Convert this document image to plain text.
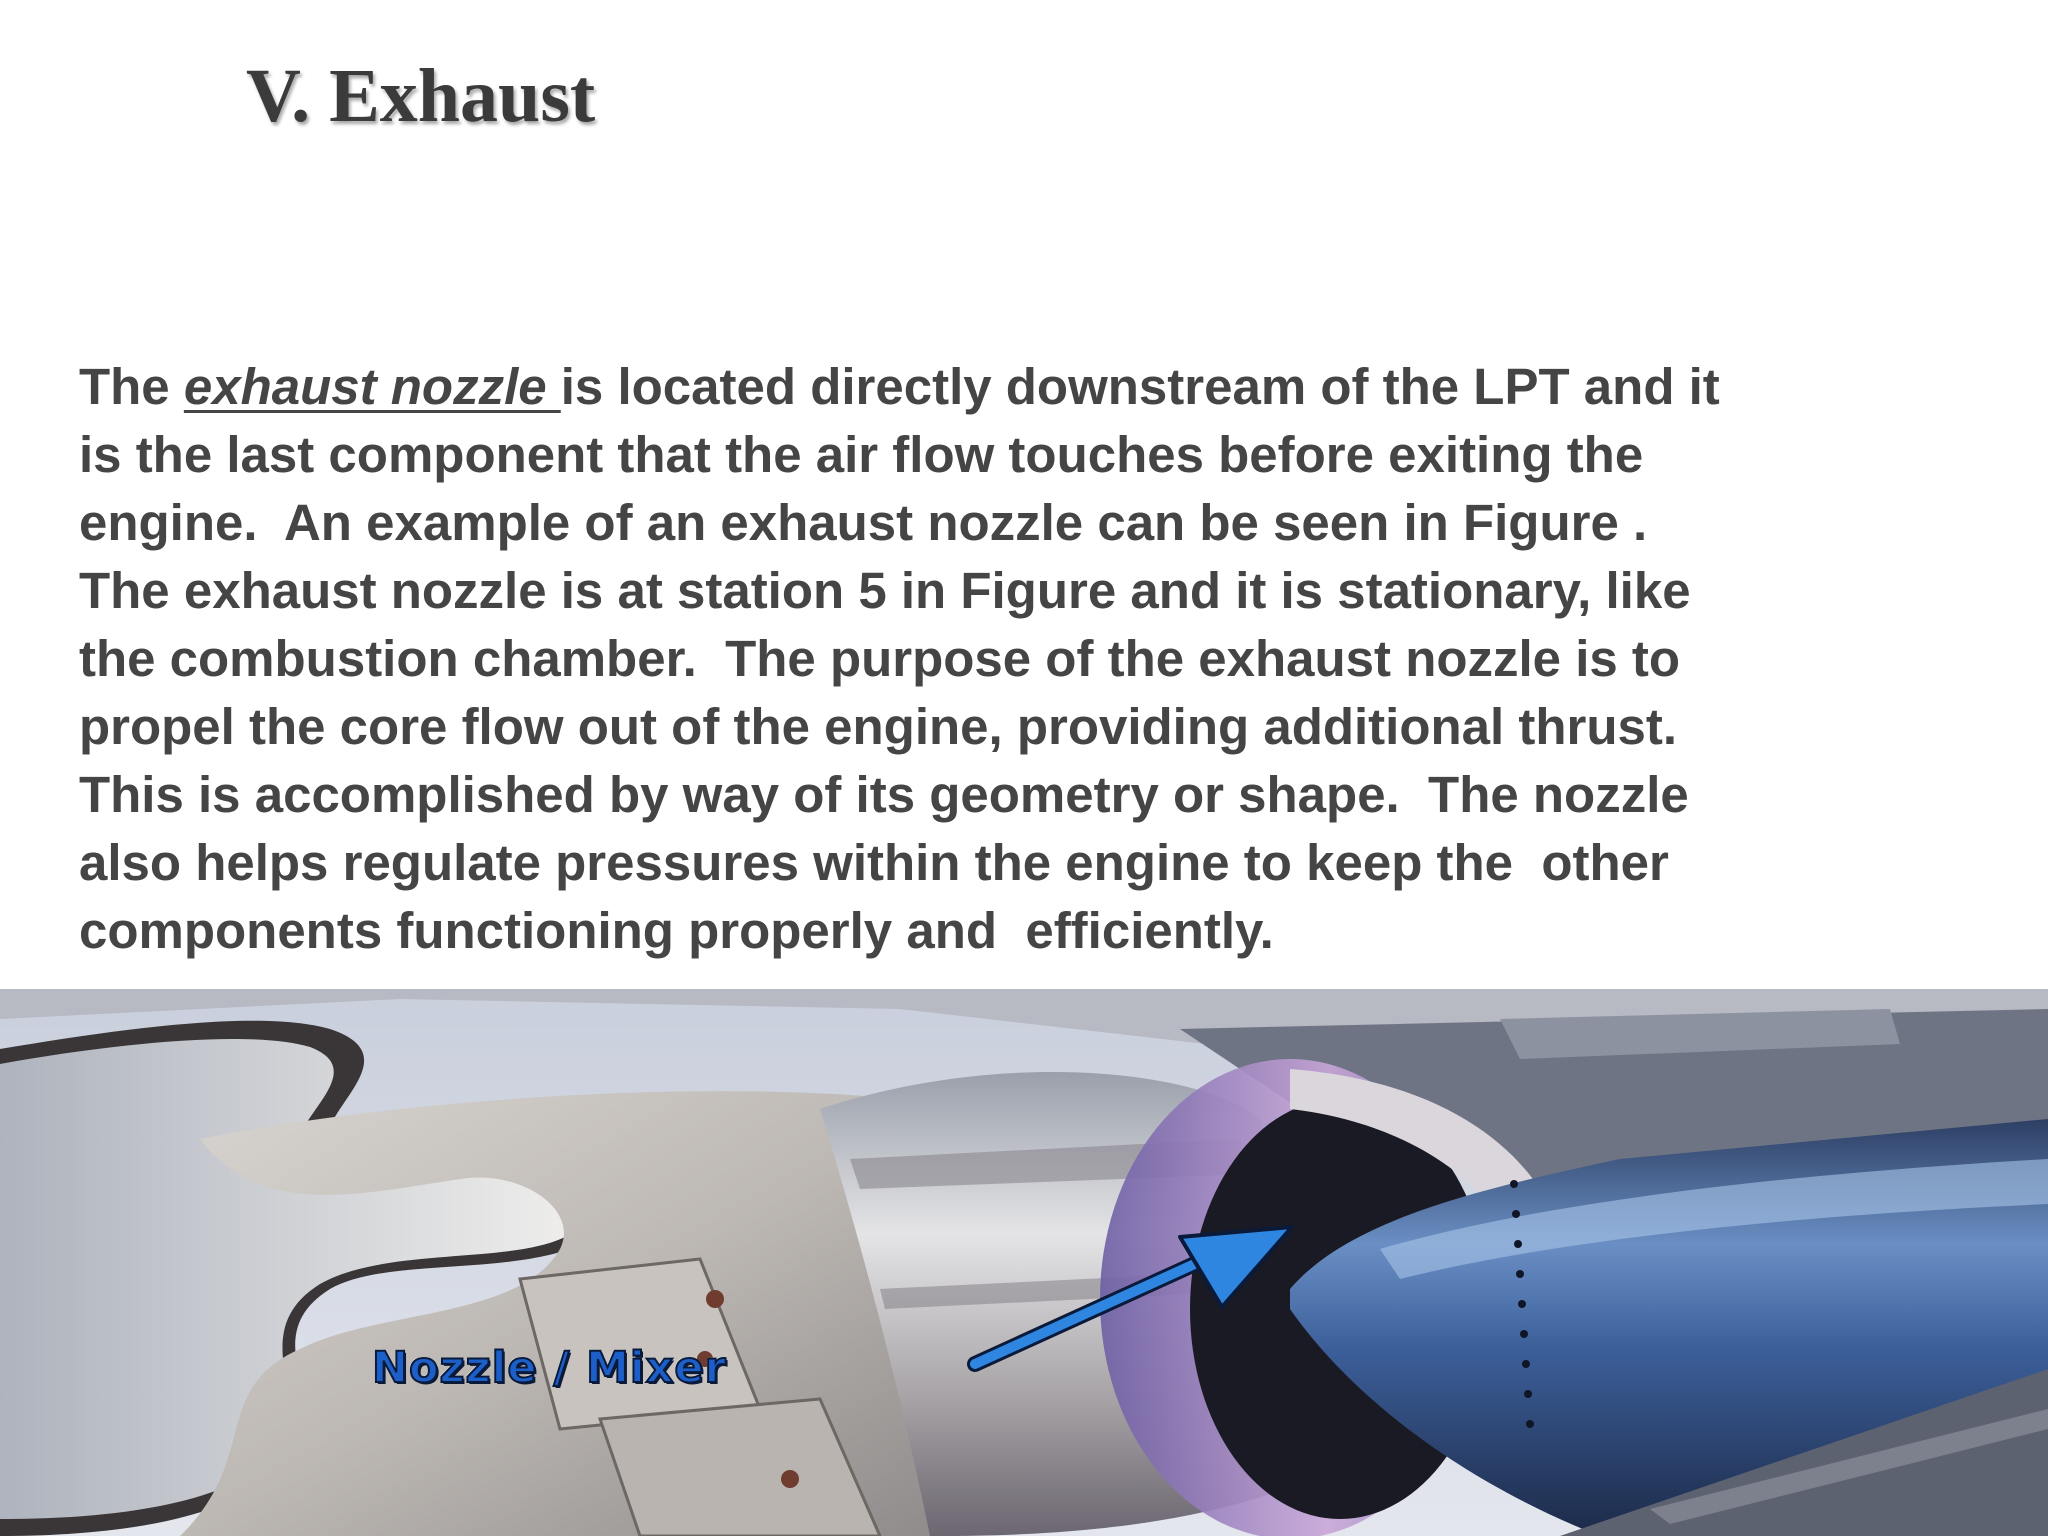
V. Exhaust

The exhaust nozzle is located directly downstream of the LPT and it
is the last component that the air flow touches before exiting the
engine.  An example of an exhaust nozzle can be seen in Figure .
The exhaust nozzle is at station 5 in Figure and it is stationary, like
the combustion chamber.  The purpose of the exhaust nozzle is to
propel the core flow out of the engine, providing additional thrust.
This is accomplished by way of its geometry or shape.  The nozzle
also helps regulate pressures within the engine to keep the  other
components functioning properly and  efficiently.

Nozzle / Mixer
